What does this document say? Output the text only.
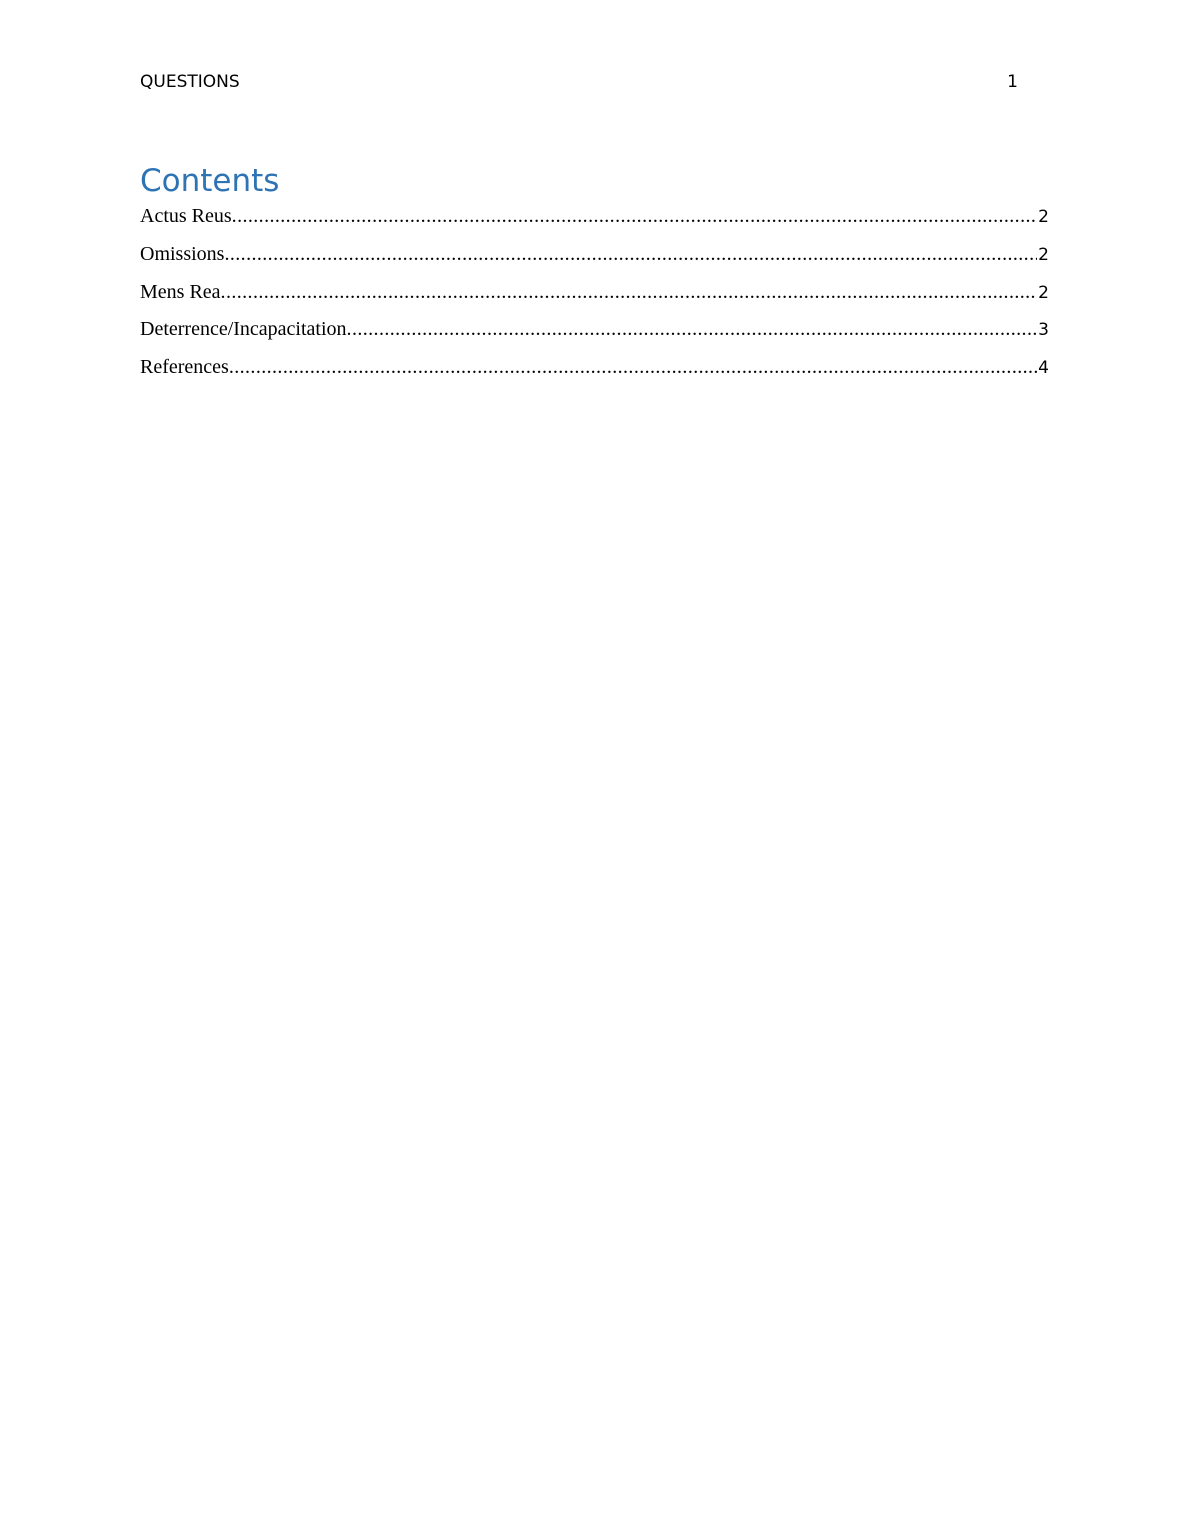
QUESTIONS	1
Contents
Actus Reus .....	2
Omissions .....	2
Mens Rea .....	2
Deterrence/Incapacitation .....	3
References .....	4
